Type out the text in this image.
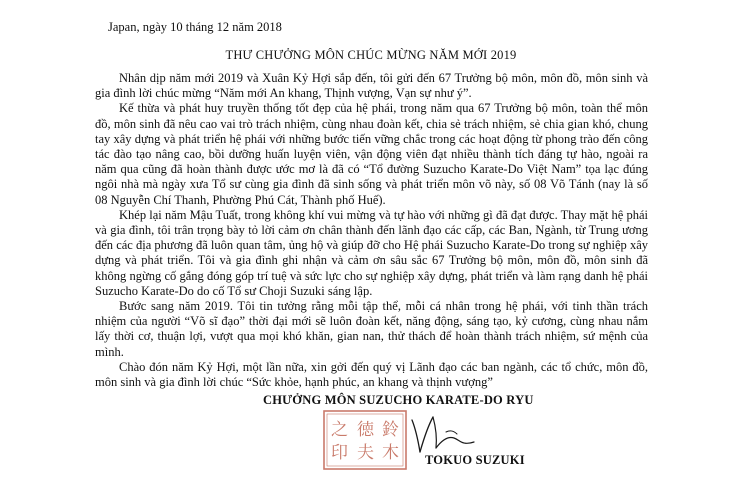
Japan, ngày 10 tháng 12 năm 2018
THƯ CHƯỞNG MÔN CHÚC MỪNG NĂM MỚI 2019

Nhân dịp năm mới 2019 và Xuân Kỷ Hợi sắp đến, tôi gửi đến 67 Trưởng bộ môn, môn đồ, môn sinh và gia đình lời chúc mừng “Năm mới An khang, Thịnh vượng, Vạn sự như ý”.

Kế thừa và phát huy truyền thống tốt đẹp của hệ phái, trong năm qua 67 Trưởng bộ môn, toàn thể môn đồ, môn sinh đã nêu cao vai trò trách nhiệm, cùng nhau đoàn kết, chia sẻ trách nhiệm, sẻ chia gian khó, chung tay xây dựng và phát triển hệ phái với những bước tiến vững chắc trong các hoạt động từ phong trào đến công tác đào tạo nâng cao, bồi dưỡng huấn luyện viên, vận động viên đạt nhiều thành tích đáng tự hào, ngoài ra năm qua cũng đã hoàn thành được ước mơ là đã có “Tổ đường Suzucho Karate-Do Việt Nam” tọa lạc đúng ngôi nhà mà ngày xưa Tổ sư cùng gia đình đã sinh sống và phát triển môn võ này, số 08 Võ Tánh (nay là số 08 Nguyễn Chí Thanh, Phường Phú Cát, Thành phố Huế).

Khép lại năm Mậu Tuất, trong không khí vui mừng và tự hào với những gì đã đạt được. Thay mặt hệ phái và gia đình, tôi trân trọng bày tỏ lời cảm ơn chân thành đến lãnh đạo các cấp, các Ban, Ngành, từ Trung ương đến các địa phương đã luôn quan tâm, ủng hộ và giúp đỡ cho Hệ phái Suzucho Karate-Do trong sự nghiệp xây dựng và phát triển. Tôi và gia đình ghi nhận và cảm ơn sâu sắc 67 Trưởng bộ môn, môn đồ, môn sinh đã không ngừng cố gắng đóng góp trí tuệ và sức lực cho sự nghiệp xây dựng, phát triển và làm rạng danh hệ phái Suzucho Karate-Do do cố Tổ sư Choji Suzuki sáng lập.

Bước sang năm 2019. Tôi tin tưởng rằng mỗi tập thể, mỗi cá nhân trong hệ phái, với tinh thần trách nhiệm của người “Võ sĩ đạo” thời đại mới sẽ luôn đoàn kết, năng động, sáng tạo, kỷ cương, cùng nhau nắm lấy thời cơ, thuận lợi, vượt qua mọi khó khăn, gian nan, thử thách để hoàn thành trách nhiệm, sứ mệnh của mình.

Chào đón năm Kỷ Hợi, một lần nữa, xin gởi đến quý vị Lãnh đạo các ban ngành, các tổ chức, môn đồ, môn sinh và gia đình lời chúc “Sức khỏe, hạnh phúc, an khang và thịnh vượng”

CHƯỞNG MÔN SUZUCHO KARATE-DO RYU
鈴
木
徳
夫
之
印	TOKUO SUZUKI
